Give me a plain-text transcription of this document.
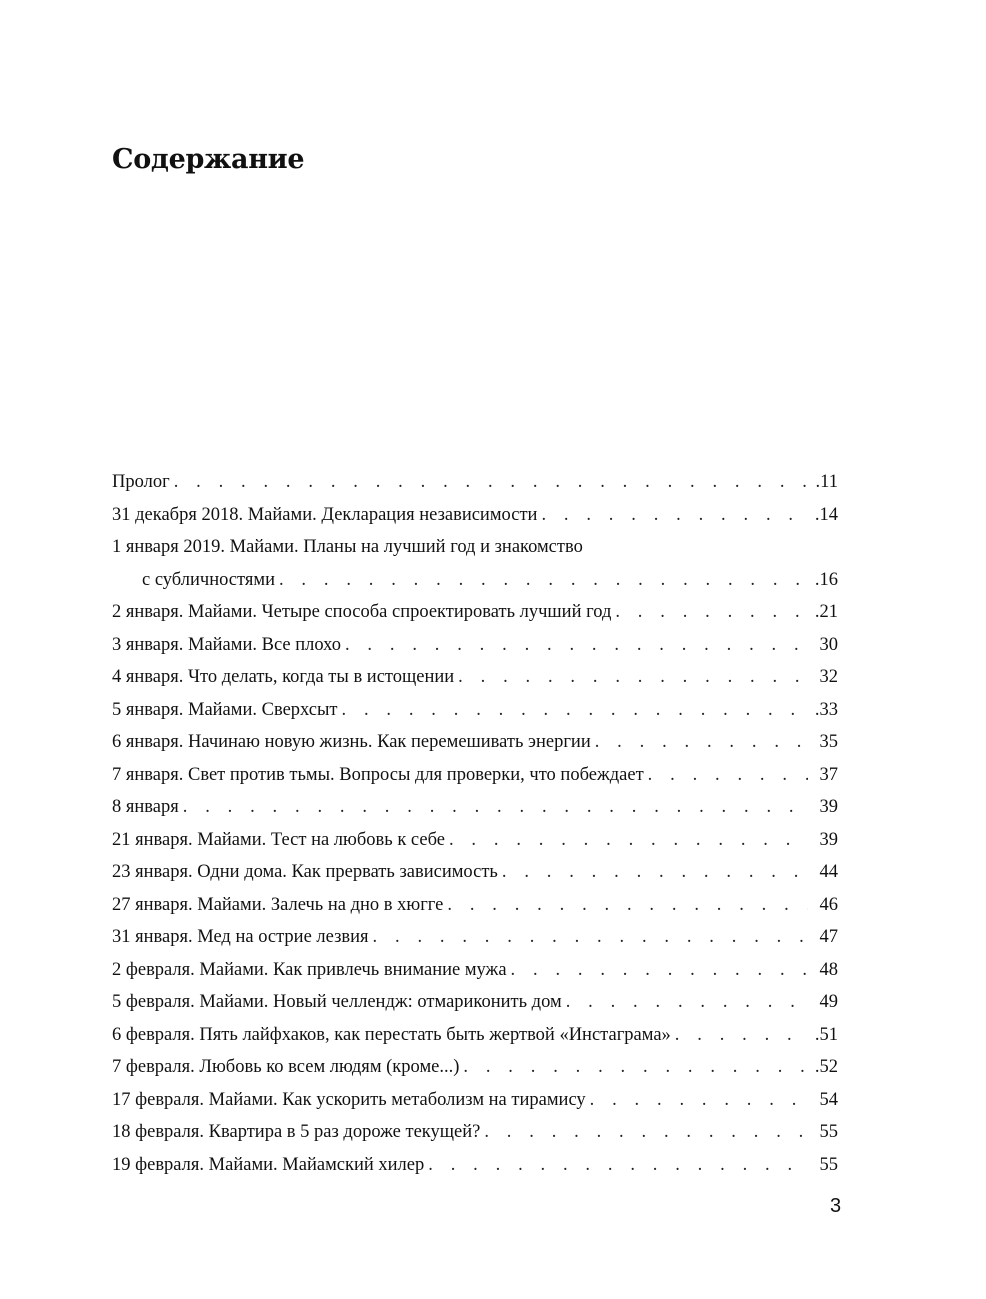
Содержание
Пролог . . .	.11
31 декабря 2018. Майами. Декларация независимости . . .	.14
1 января 2019. Майами. Планы на лучший год и знакомство
с субличностями . . .	.16
2 января. Майами. Четыре способа спроектировать лучший год . . .	.21
3 января. Майами. Все плохо . . .	30
4 января. Что делать, когда ты в истощении . . .	32
5 января. Майами. Сверхсыт . . .	.33
6 января. Начинаю новую жизнь. Как перемешивать энергии . . .	35
7 января. Свет против тьмы. Вопросы для проверки, что побеждает . . .	37
8 января . . .	39
21 января. Майами. Тест на любовь к себе . . .	39
23 января. Одни дома. Как прервать зависимость . . .	44
27 января. Майами. Залечь на дно в хюгге . . .	46
31 января. Мед на острие лезвия . . .	47
2 февраля. Майами. Как привлечь внимание мужа . . .	48
5 февраля. Майами. Новый челлендж: отмариконить дом . . .	49
6 февраля. Пять лайфхаков, как перестать быть жертвой «Инстаграма» . . .	.51
7 февраля. Любовь ко всем людям (кроме...) . . .	.52
17 февраля. Майами. Как ускорить метаболизм на тирамису . . .	54
18 февраля. Квартира в 5 раз дороже текущей? . . .	55
19 февраля. Майами. Майамский хилер . . .	55
3
